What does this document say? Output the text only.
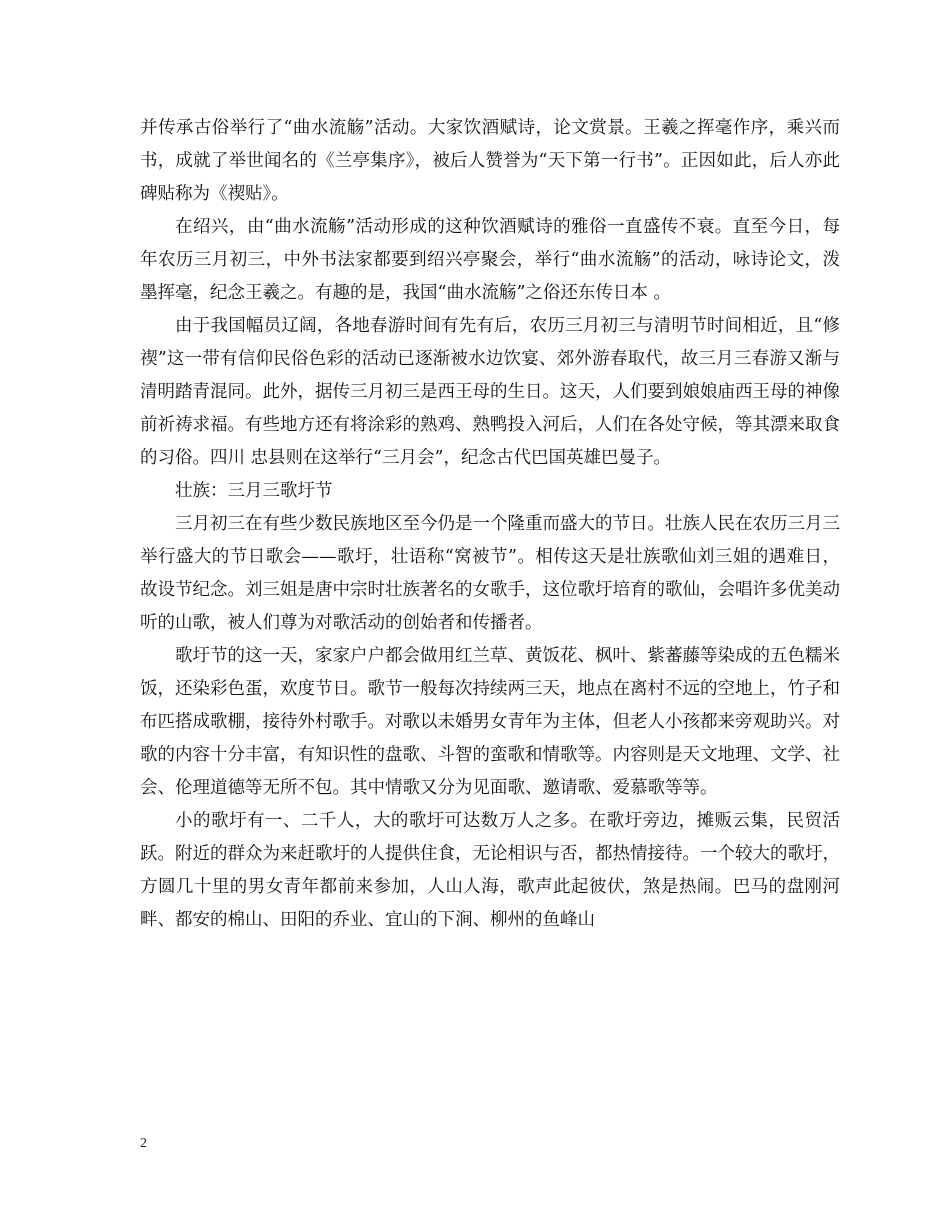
并传承古俗举行了“曲水流觞”活动。大家饮酒赋诗，论文赏景。王羲之挥毫作序，乘兴而书，成就了举世闻名的《兰亭集序》，被后人赞誉为“天下第一行书”。正因如此，后人亦此碑贴称为《禊贴》。

在绍兴，由“曲水流觞”活动形成的这种饮酒赋诗的雅俗一直盛传不衰。直至今日，每年农历三月初三，中外书法家都要到绍兴亭聚会，举行“曲水流觞”的活动，咏诗论文，泼墨挥毫，纪念王羲之。有趣的是，我国“曲水流觞”之俗还东传日本 。

由于我国幅员辽阔，各地春游时间有先有后，农历三月初三与清明节时间相近，且“修禊”这一带有信仰民俗色彩的活动已逐渐被水边饮宴、郊外游春取代，故三月三春游又渐与清明踏青混同。此外，据传三月初三是西王母的生日。这天，人们要到娘娘庙西王母的神像前祈祷求福。有些地方还有将涂彩的熟鸡、熟鸭投入河后，人们在各处守候，等其漂来取食的习俗。四川 忠县则在这举行“三月会”，纪念古代巴国英雄巴曼子。

壮族：三月三歌圩节

三月初三在有些少数民族地区至今仍是一个隆重而盛大的节日。壮族人民在农历三月三举行盛大的节日歌会——歌圩，壮语称“窝被节”。相传这天是壮族歌仙刘三姐的遇难日，故设节纪念。刘三姐是唐中宗时壮族著名的女歌手，这位歌圩培育的歌仙，会唱许多优美动听的山歌，被人们尊为对歌活动的创始者和传播者。

歌圩节的这一天，家家户户都会做用红兰草、黄饭花、枫叶、紫蕃藤等染成的五色糯米饭，还染彩色蛋，欢度节日。歌节一般每次持续两三天，地点在离村不远的空地上，竹子和布匹搭成歌棚，接待外村歌手。对歌以未婚男女青年为主体，但老人小孩都来旁观助兴。对歌的内容十分丰富，有知识性的盘歌、斗智的蛮歌和情歌等。内容则是天文地理、文学、社会、伦理道德等无所不包。其中情歌又分为见面歌、邀请歌、爱慕歌等等。

小的歌圩有一、二千人，大的歌圩可达数万人之多。在歌圩旁边，摊贩云集，民贸活跃。附近的群众为来赶歌圩的人提供住食，无论相识与否，都热情接待。一个较大的歌圩，方圆几十里的男女青年都前来参加，人山人海，歌声此起彼伏，煞是热闹。巴马的盘刚河畔、都安的棉山、田阳的乔业、宜山的下涧、柳州的鱼峰山

2
